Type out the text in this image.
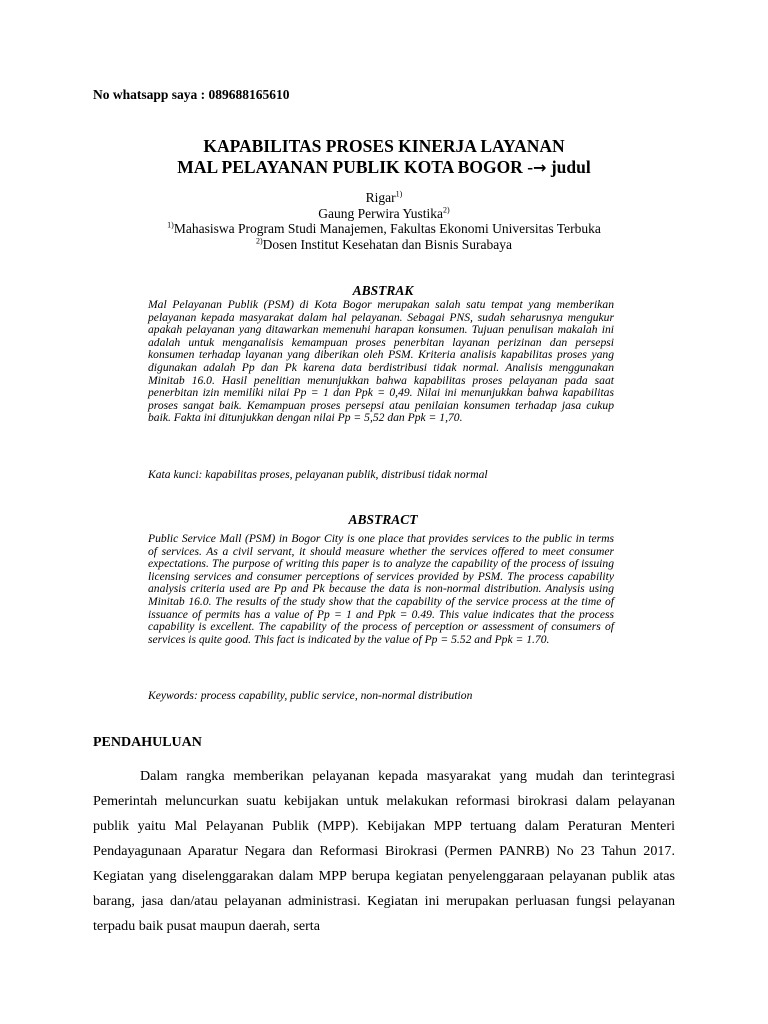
No whatsapp saya : 089688165610
KAPABILITAS PROSES KINERJA LAYANAN
MAL PELAYANAN PUBLIK KOTA BOGOR -→ judul
Rigar$^{1)}$
Gaung Perwira Yustika$^{2)}$
$^{1)}$Mahasiswa Program Studi Manajemen, Fakultas Ekonomi Universitas Terbuka
$^{2)}$Dosen Institut Kesehatan dan Bisnis Surabaya
ABSTRAK

Mal Pelayanan Publik (PSM) di Kota Bogor merupakan salah satu tempat yang memberikan pelayanan kepada masyarakat dalam hal pelayanan. Sebagai PNS, sudah seharusnya mengukur apakah pelayanan yang ditawarkan memenuhi harapan konsumen. Tujuan penulisan makalah ini adalah untuk menganalisis kemampuan proses penerbitan layanan perizinan dan persepsi konsumen terhadap layanan yang diberikan oleh PSM. Kriteria analisis kapabilitas proses yang digunakan adalah Pp dan Pk karena data berdistribusi tidak normal. Analisis menggunakan Minitab 16.0. Hasil penelitian menunjukkan bahwa kapabilitas proses pelayanan pada saat penerbitan izin memiliki nilai Pp = 1 dan Ppk = 0,49. Nilai ini menunjukkan bahwa kapabilitas proses sangat baik. Kemampuan proses persepsi atau penilaian konsumen terhadap jasa cukup baik. Fakta ini ditunjukkan dengan nilai Pp = 5,52 dan Ppk = 1,70.

Kata kunci: kapabilitas proses, pelayanan publik, distribusi tidak normal

ABSTRACT

Public Service Mall (PSM) in Bogor City is one place that provides services to the public in terms of services. As a civil servant, it should measure whether the services offered to meet consumer expectations. The purpose of writing this paper is to analyze the capability of the process of issuing licensing services and consumer perceptions of services provided by PSM. The process capability analysis criteria used are Pp and Pk because the data is non-normal distribution. Analysis using Minitab 16.0. The results of the study show that the capability of the service process at the time of issuance of permits has a value of Pp = 1 and Ppk = 0.49. This value indicates that the process capability is excellent. The capability of the process of perception or assessment of consumers of services is quite good. This fact is indicated by the value of Pp = 5.52 and Ppk = 1.70.

Keywords: process capability, public service, non-normal distribution

PENDAHULUAN

Dalam rangka memberikan pelayanan kepada masyarakat yang mudah dan terintegrasi Pemerintah meluncurkan suatu kebijakan untuk melakukan reformasi birokrasi dalam pelayanan publik yaitu Mal Pelayanan Publik (MPP). Kebijakan MPP tertuang dalam Peraturan Menteri Pendayagunaan Aparatur Negara dan Reformasi Birokrasi (Permen PANRB) No 23 Tahun 2017. Kegiatan yang diselenggarakan dalam MPP berupa kegiatan penyelenggaraan pelayanan publik atas barang, jasa dan/atau pelayanan administrasi. Kegiatan ini merupakan perluasan fungsi pelayanan terpadu baik pusat maupun daerah, serta
